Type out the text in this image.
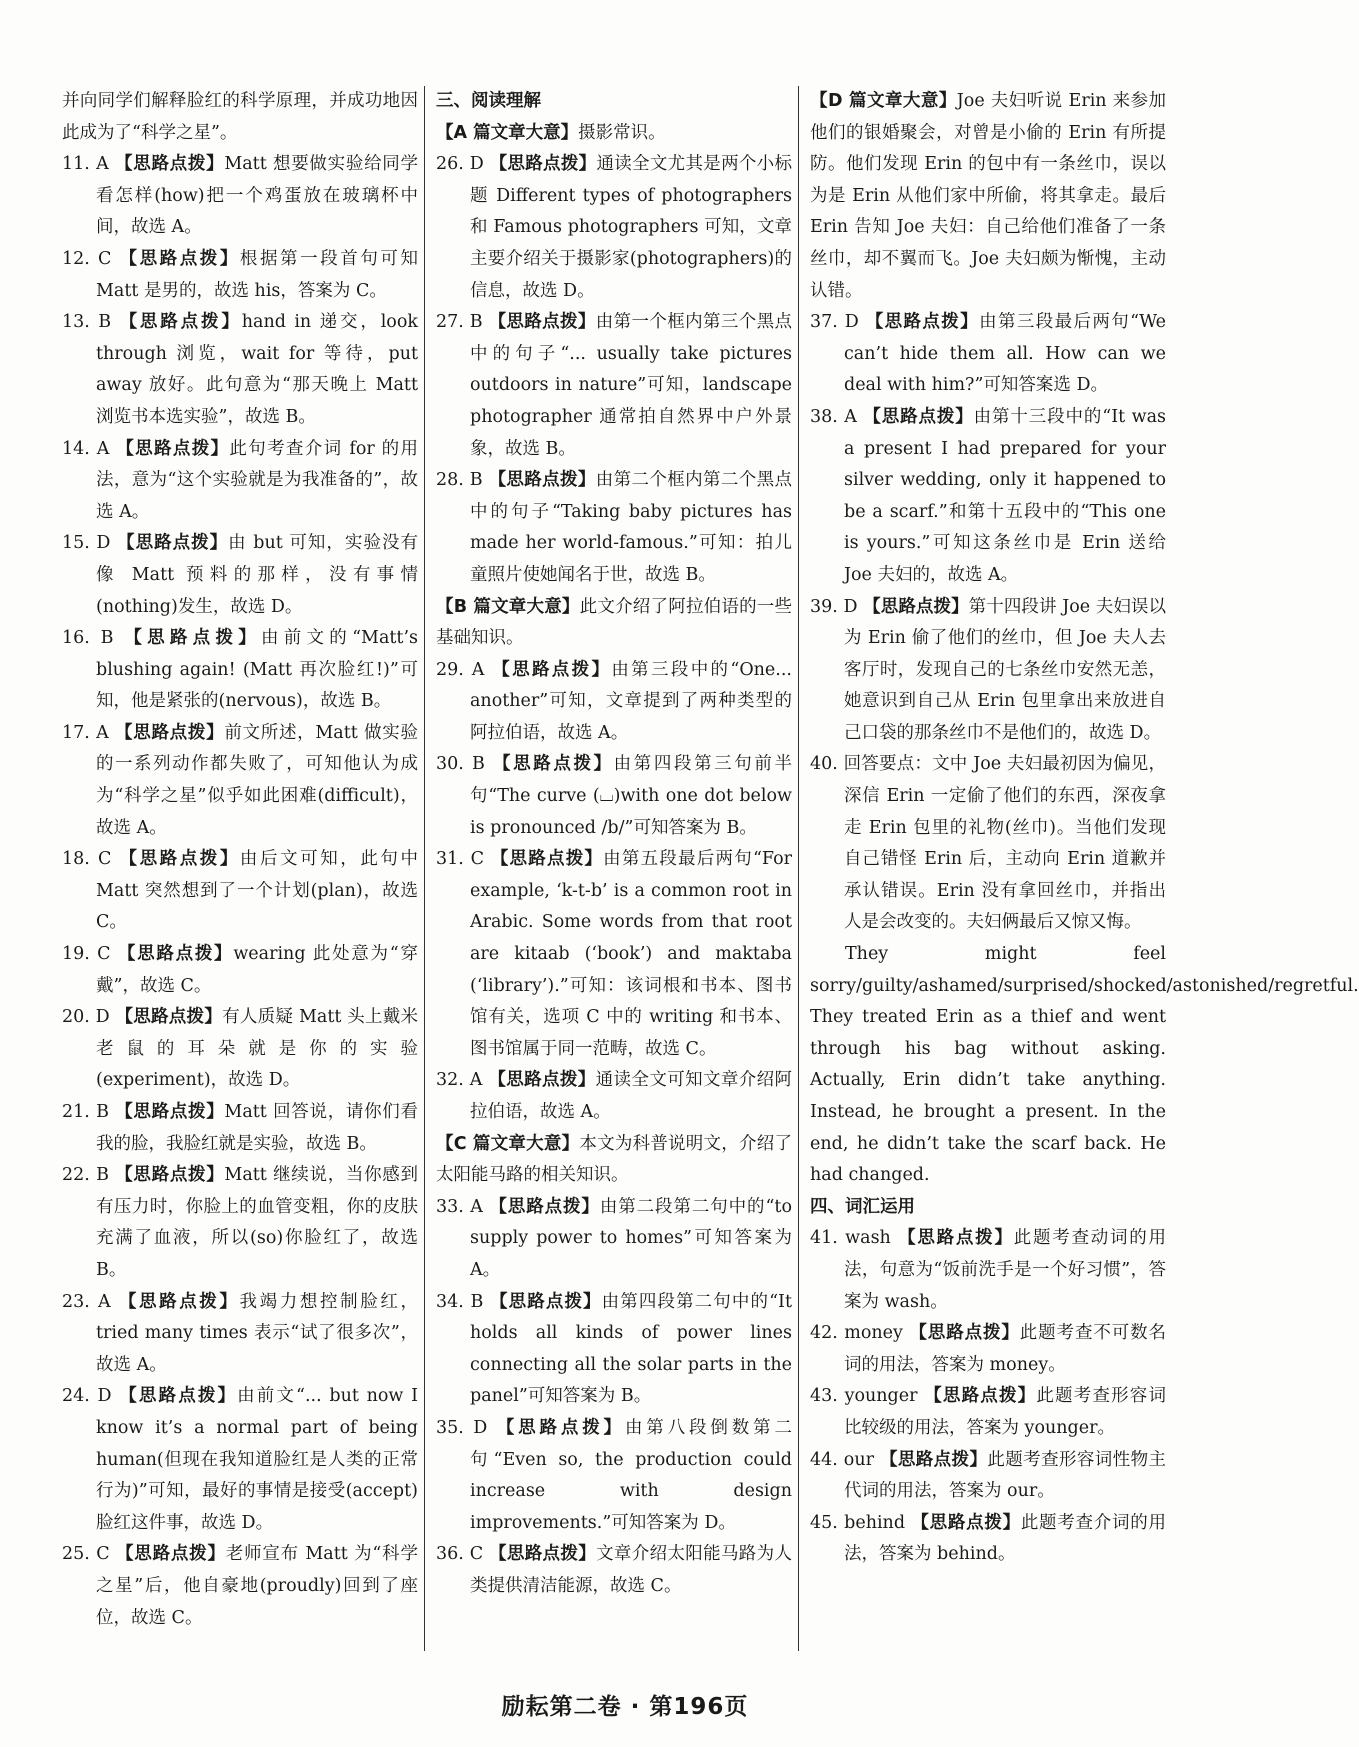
并向同学们解释脸红的科学原理，并成功地因此成为了“科学之星”。

11. A 【思路点拨】Matt 想要做实验给同学看怎样(how)把一个鸡蛋放在玻璃杯中间，故选 A。

12. C 【思路点拨】根据第一段首句可知 Matt 是男的，故选 his，答案为 C。

13. B 【思路点拨】hand in 递交，look through 浏览，wait for 等待，put away 放好。此句意为“那天晚上 Matt 浏览书本选实验”，故选 B。

14. A 【思路点拨】此句考查介词 for 的用法，意为“这个实验就是为我准备的”，故选 A。

15. D 【思路点拨】由 but 可知，实验没有像 Matt 预料的那样，没有事情(nothing)发生，故选 D。

16. B 【思路点拨】由前文的“Matt’s blushing again! (Matt 再次脸红!)”可知，他是紧张的(nervous)，故选 B。

17. A 【思路点拨】前文所述，Matt 做实验的一系列动作都失败了，可知他认为成为“科学之星”似乎如此困难(difficult)，故选 A。

18. C 【思路点拨】由后文可知，此句中 Matt 突然想到了一个计划(plan)，故选 C。

19. C 【思路点拨】wearing 此处意为“穿戴”，故选 C。

20. D 【思路点拨】有人质疑 Matt 头上戴米老鼠的耳朵就是你的实验(experiment)，故选 D。

21. B 【思路点拨】Matt 回答说，请你们看我的脸，我脸红就是实验，故选 B。

22. B 【思路点拨】Matt 继续说，当你感到有压力时，你脸上的血管变粗，你的皮肤充满了血液，所以(so)你脸红了，故选 B。

23. A 【思路点拨】我竭力想控制脸红，tried many times 表示“试了很多次”，故选 A。

24. D 【思路点拨】由前文“... but now I know it’s a normal part of being human(但现在我知道脸红是人类的正常行为)”可知，最好的事情是接受(accept)脸红这件事，故选 D。

25. C 【思路点拨】老师宣布 Matt 为“科学之星”后，他自豪地(proudly)回到了座位，故选 C。

三、阅读理解

【A 篇文章大意】摄影常识。

26. D 【思路点拨】通读全文尤其是两个小标题 Different types of photographers 和 Famous photographers 可知，文章主要介绍关于摄影家(photographers)的信息，故选 D。

27. B 【思路点拨】由第一个框内第三个黑点中的句子“... usually take pictures outdoors in nature”可知，landscape photographer 通常拍自然界中户外景象，故选 B。

28. B 【思路点拨】由第二个框内第二个黑点中的句子“Taking baby pictures has made her world-famous.”可知：拍儿童照片使她闻名于世，故选 B。

【B 篇文章大意】此文介绍了阿拉伯语的一些基础知识。

29. A 【思路点拨】由第三段中的“One... another”可知，文章提到了两种类型的阿拉伯语，故选 A。

30. B 【思路点拨】由第四段第三句前半句“The curve (⌴)with one dot below is pronounced /b/”可知答案为 B。

31. C 【思路点拨】由第五段最后两句“For example, ‘k-t-b’ is a common root in Arabic. Some words from that root are kitaab (‘book’) and maktaba (‘library’).”可知：该词根和书本、图书馆有关，选项 C 中的 writing 和书本、图书馆属于同一范畴，故选 C。

32. A 【思路点拨】通读全文可知文章介绍阿拉伯语，故选 A。

【C 篇文章大意】本文为科普说明文，介绍了太阳能马路的相关知识。

33. A 【思路点拨】由第二段第二句中的“to supply power to homes”可知答案为 A。

34. B 【思路点拨】由第四段第二句中的“It holds all kinds of power lines connecting all the solar parts in the panel”可知答案为 B。

35. D 【思路点拨】由第八段倒数第二句“Even so, the production could increase with design improvements.”可知答案为 D。

36. C 【思路点拨】文章介绍太阳能马路为人类提供清洁能源，故选 C。

【D 篇文章大意】Joe 夫妇听说 Erin 来参加他们的银婚聚会，对曾是小偷的 Erin 有所提防。他们发现 Erin 的包中有一条丝巾，误以为是 Erin 从他们家中所偷，将其拿走。最后 Erin 告知 Joe 夫妇：自己给他们准备了一条丝巾，却不翼而飞。Joe 夫妇颇为惭愧，主动认错。

37. D 【思路点拨】由第三段最后两句“We can’t hide them all. How can we deal with him?”可知答案选 D。

38. A 【思路点拨】由第十三段中的“It was a present I had prepared for your silver wedding, only it happened to be a scarf.”和第十五段中的“This one is yours.”可知这条丝巾是 Erin 送给 Joe 夫妇的，故选 A。

39. D 【思路点拨】第十四段讲 Joe 夫妇误以为 Erin 偷了他们的丝巾，但 Joe 夫人去客厅时，发现自己的七条丝巾安然无恙，她意识到自己从 Erin 包里拿出来放进自己口袋的那条丝巾不是他们的，故选 D。

40. 回答要点：文中 Joe 夫妇最初因为偏见，深信 Erin 一定偷了他们的东西，深夜拿走 Erin 包里的礼物(丝巾)。当他们发现自己错怪 Erin 后，主动向 Erin 道歉并承认错误。Erin 没有拿回丝巾，并指出人是会改变的。夫妇俩最后又惊又悔。

They might feel sorry/guilty/ashamed/surprised/shocked/astonished/regretful. They treated Erin as a thief and went through his bag without asking. Actually, Erin didn’t take anything. Instead, he brought a present. In the end, he didn’t take the scarf back. He had changed.

四、词汇运用

41. wash 【思路点拨】此题考查动词的用法，句意为“饭前洗手是一个好习惯”，答案为 wash。

42. money 【思路点拨】此题考查不可数名词的用法，答案为 money。

43. younger 【思路点拨】此题考查形容词比较级的用法，答案为 younger。

44. our 【思路点拨】此题考查形容词性物主代词的用法，答案为 our。

45. behind 【思路点拨】此题考查介词的用法，答案为 behind。

励耘第二卷 · 第196页
